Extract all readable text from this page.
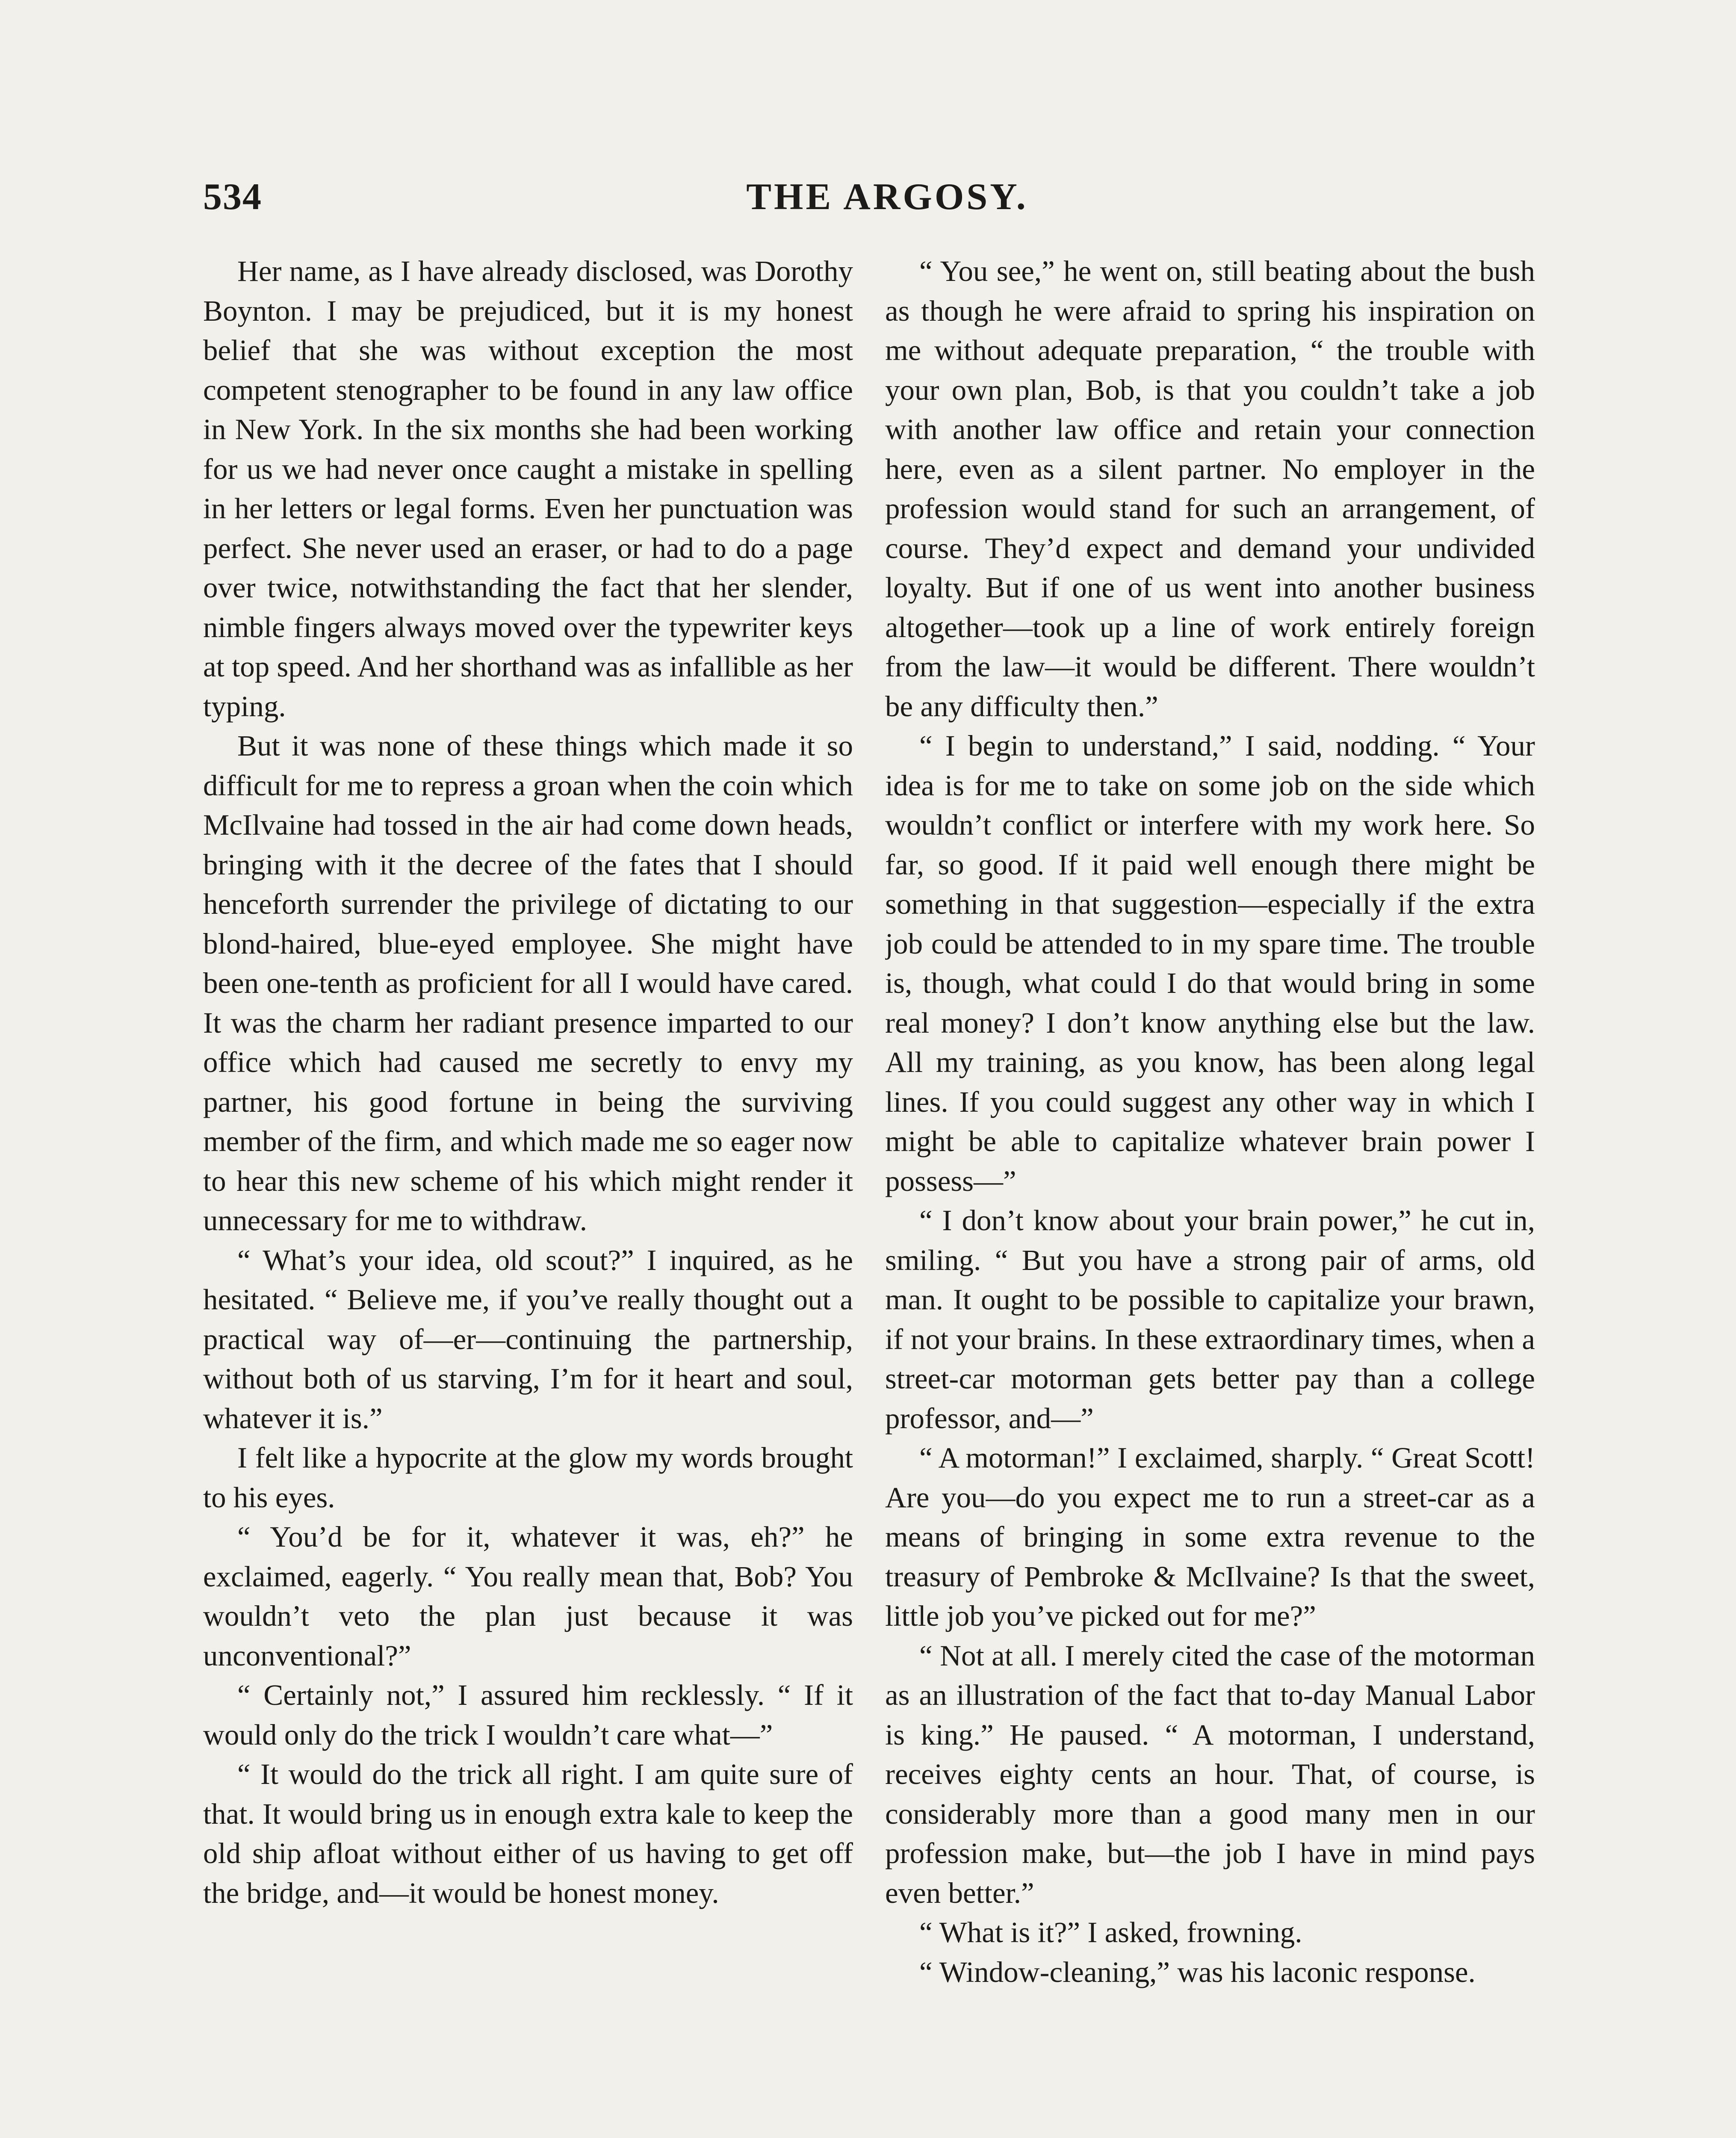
534	THE ARGOSY.

Her name, as I have already disclosed, was Dorothy Boynton. I may be prejudiced, but it is my honest belief that she was without exception the most competent stenographer to be found in any law office in New York. In the six months she had been working for us we had never once caught a mistake in spelling in her letters or legal forms. Even her punctuation was perfect. She never used an eraser, or had to do a page over twice, notwithstanding the fact that her slender, nimble fingers always moved over the typewriter keys at top speed. And her shorthand was as infallible as her typing.

But it was none of these things which made it so difficult for me to repress a groan when the coin which McIlvaine had tossed in the air had come down heads, bringing with it the decree of the fates that I should henceforth surrender the privilege of dictating to our blond-haired, blue-eyed employee. She might have been one-tenth as proficient for all I would have cared. It was the charm her radiant presence imparted to our office which had caused me secretly to envy my partner, his good fortune in being the surviving member of the firm, and which made me so eager now to hear this new scheme of his which might render it unnecessary for me to withdraw.

“ What’s your idea, old scout?” I inquired, as he hesitated. “ Believe me, if you’ve really thought out a practical way of—er—continuing the partnership, without both of us starving, I’m for it heart and soul, whatever it is.”

I felt like a hypocrite at the glow my words brought to his eyes.

“ You’d be for it, whatever it was, eh?” he exclaimed, eagerly. “ You really mean that, Bob? You wouldn’t veto the plan just because it was unconventional?”

“ Certainly not,” I assured him recklessly. “ If it would only do the trick I wouldn’t care what—”

“ It would do the trick all right. I am quite sure of that. It would bring us in enough extra kale to keep the old ship afloat without either of us having to get off the bridge, and—it would be honest money.

“ You see,” he went on, still beating about the bush as though he were afraid to spring his inspiration on me without adequate preparation, “ the trouble with your own plan, Bob, is that you couldn’t take a job with another law office and retain your connection here, even as a silent partner. No employer in the profession would stand for such an arrangement, of course. They’d expect and demand your undivided loyalty. But if one of us went into another business altogether—took up a line of work entirely foreign from the law—it would be different. There wouldn’t be any difficulty then.”

“ I begin to understand,” I said, nodding. “ Your idea is for me to take on some job on the side which wouldn’t conflict or interfere with my work here. So far, so good. If it paid well enough there might be something in that suggestion—especially if the extra job could be attended to in my spare time. The trouble is, though, what could I do that would bring in some real money? I don’t know anything else but the law. All my training, as you know, has been along legal lines. If you could suggest any other way in which I might be able to capitalize whatever brain power I possess—”

“ I don’t know about your brain power,” he cut in, smiling. “ But you have a strong pair of arms, old man. It ought to be possible to capitalize your brawn, if not your brains. In these extraordinary times, when a street-car motorman gets better pay than a college professor, and—”

“ A motorman!” I exclaimed, sharply. “ Great Scott! Are you—do you expect me to run a street-car as a means of bringing in some extra revenue to the treasury of Pembroke & McIlvaine? Is that the sweet, little job you’ve picked out for me?”

“ Not at all. I merely cited the case of the motorman as an illustration of the fact that to-day Manual Labor is king.” He paused. “ A motorman, I understand, receives eighty cents an hour. That, of course, is considerably more than a good many men in our profession make, but—the job I have in mind pays even better.”

“ What is it?” I asked, frowning.

“ Window-cleaning,” was his laconic response.
